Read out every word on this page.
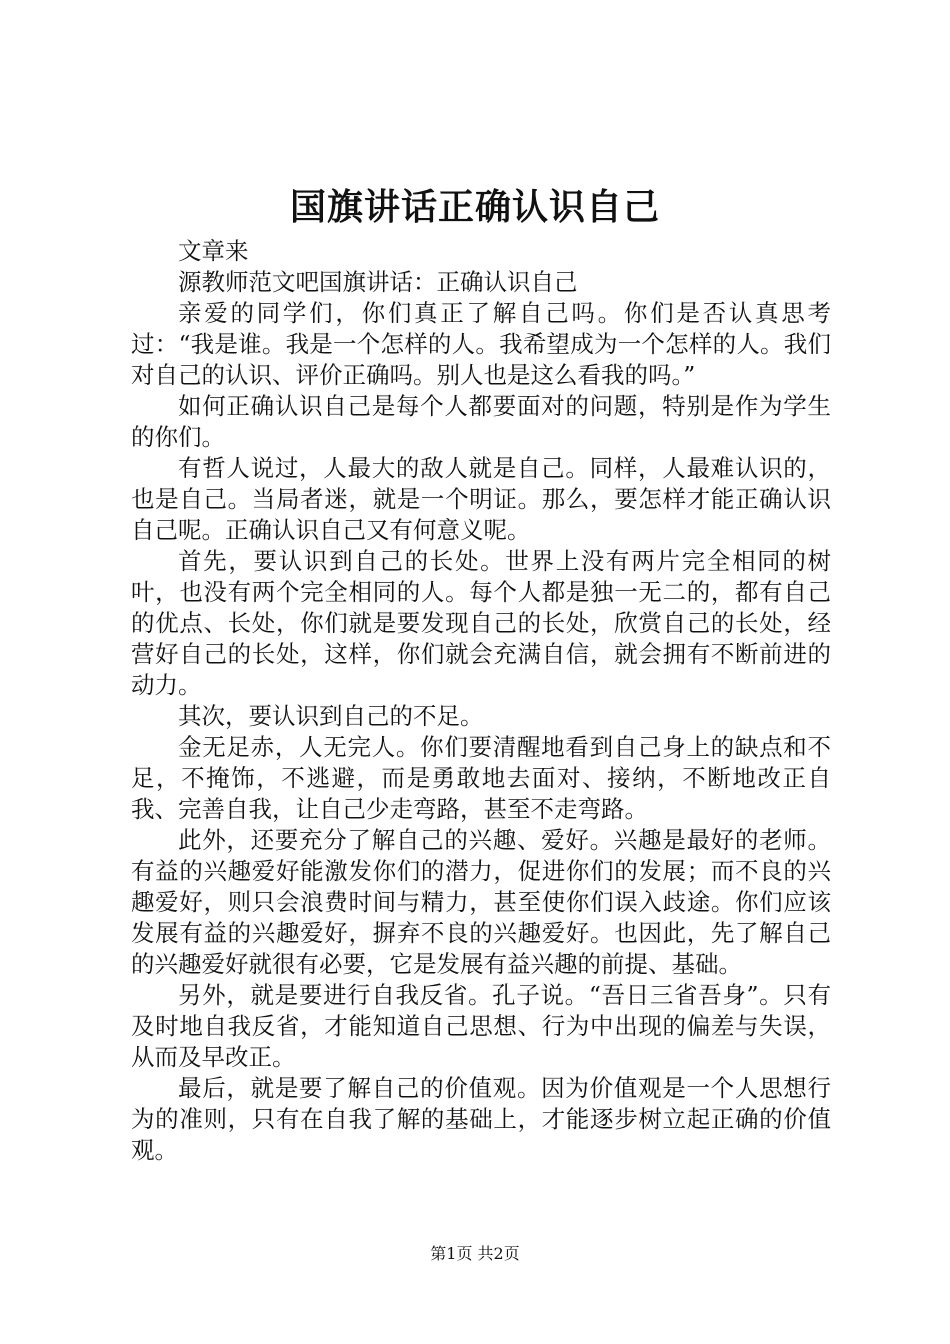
国旗讲话正确认识自己

文章来

源教师范文吧国旗讲话：正确认识自己

亲爱的同学们，你们真正了解自己吗。你们是否认真思考过：“我是谁。我是一个怎样的人。我希望成为一个怎样的人。我们对自己的认识、评价正确吗。别人也是这么看我的吗。”

如何正确认识自己是每个人都要面对的问题，特别是作为学生的你们。

有哲人说过，人最大的敌人就是自己。同样，人最难认识的，也是自己。当局者迷，就是一个明证。那么，要怎样才能正确认识自己呢。正确认识自己又有何意义呢。

首先，要认识到自己的长处。世界上没有两片完全相同的树叶，也没有两个完全相同的人。每个人都是独一无二的，都有自己的优点、长处，你们就是要发现自己的长处，欣赏自己的长处，经营好自己的长处，这样，你们就会充满自信，就会拥有不断前进的动力。

其次，要认识到自己的不足。

金无足赤，人无完人。你们要清醒地看到自己身上的缺点和不足，不掩饰，不逃避，而是勇敢地去面对、接纳，不断地改正自我、完善自我，让自己少走弯路，甚至不走弯路。

此外，还要充分了解自己的兴趣、爱好。兴趣是最好的老师。有益的兴趣爱好能激发你们的潜力，促进你们的发展；而不良的兴趣爱好，则只会浪费时间与精力，甚至使你们误入歧途。你们应该发展有益的兴趣爱好，摒弃不良的兴趣爱好。也因此，先了解自己的兴趣爱好就很有必要，它是发展有益兴趣的前提、基础。

另外，就是要进行自我反省。孔子说。“吾日三省吾身”。只有及时地自我反省，才能知道自己思想、行为中出现的偏差与失误，从而及早改正。

最后，就是要了解自己的价值观。因为价值观是一个人思想行为的准则，只有在自我了解的基础上，才能逐步树立起正确的价值观。

第1页 共2页
